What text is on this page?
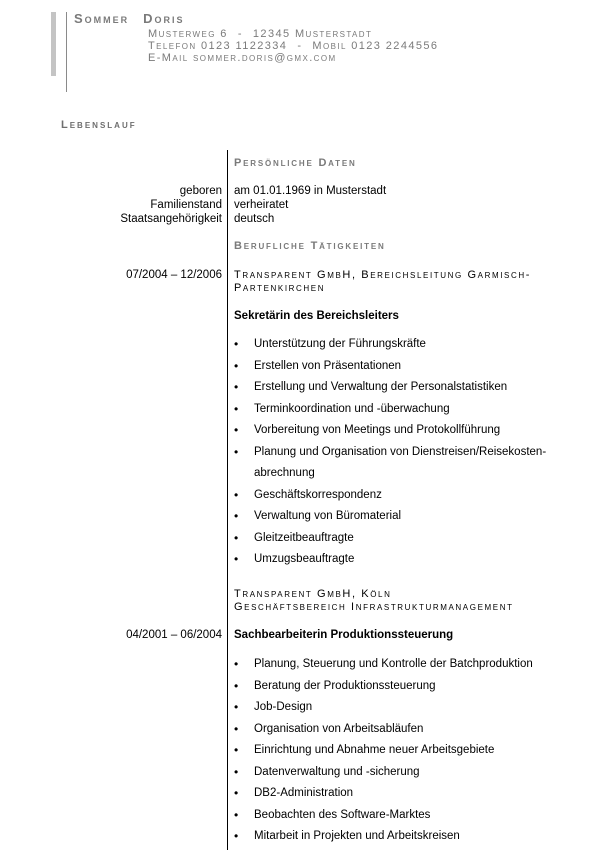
Sommer Doris
Musterweg 6 - 12345 Musterstadt
Telefon 0123 1122334 - Mobil 0123 2244556
E-Mail sommer.doris@gmx.com
Lebenslauf
Persönliche Daten
geboren am 01.01.1969 in Musterstadt
Familienstand verheiratet
Staatsangehörigkeit deutsch
Berufliche Tätigkeiten
07/2004 – 12/2006 Transparent GmbH, Bereichsleitung Garmisch-Partenkirchen
Sekretärin des Bereichsleiters
• Unterstützung der Führungskräfte
• Erstellen von Präsentationen
• Erstellung und Verwaltung der Personalstatistiken
• Terminkoordination und -überwachung
• Vorbereitung von Meetings und Protokollführung
• Planung und Organisation von Dienstreisen/Reisekosten-abrechnung
• Geschäftskorrespondenz
• Verwaltung von Büromaterial
• Gleitzeitbeauftragte
• Umzugsbeauftragte
Transparent GmbH, Köln
Geschäftsbereich Infrastrukturmanagement
04/2001 – 06/2004 Sachbearbeiterin Produktionssteuerung
• Planung, Steuerung und Kontrolle der Batchproduktion
• Beratung der Produktionssteuerung
• Job-Design
• Organisation von Arbeitsabläufen
• Einrichtung und Abnahme neuer Arbeitsgebiete
• Datenverwaltung und -sicherung
• DB2-Administration
• Beobachten des Software-Marktes
• Mitarbeit in Projekten und Arbeitskreisen
